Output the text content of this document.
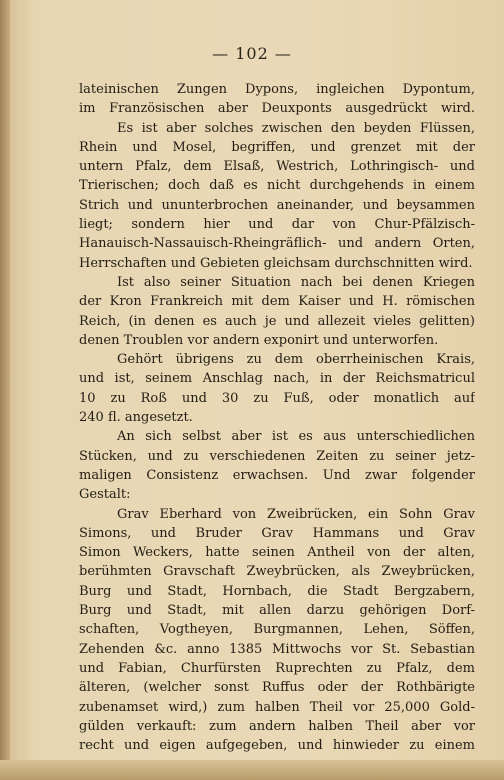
— 102 —
lateinischen Zungen Dypons, ingleichen Dypontum,
im Französischen aber Deuxponts ausgedrückt wird.
Es ist aber solches zwischen den beyden Flüssen,
Rhein und Mosel, begriffen, und grenzet mit der
untern Pfalz, dem Elsaß, Westrich, Lothringisch- und
Trierischen; doch daß es nicht durchgehends in einem
Strich und ununterbrochen aneinander, und beysammen
liegt; sondern hier und dar von Chur-Pfälzisch-
Hanauisch-Nassauisch-Rheingräflich- und andern Orten,
Herrschaften und Gebieten gleichsam durchschnitten wird.
Ist also seiner Situation nach bei denen Kriegen
der Kron Frankreich mit dem Kaiser und H. römischen
Reich, (in denen es auch je und allezeit vieles gelitten)
denen Troublen vor andern exponirt und unterworfen.
Gehört übrigens zu dem oberrheinischen Krais,
und ist, seinem Anschlag nach, in der Reichsmatricul
10 zu Roß und 30 zu Fuß, oder monatlich auf
240 fl. angesetzt.
An sich selbst aber ist es aus unterschiedlichen
Stücken, und zu verschiedenen Zeiten zu seiner jetz-
maligen Consistenz erwachsen. Und zwar folgender
Gestalt:
Grav Eberhard von Zweibrücken, ein Sohn Grav
Simons, und Bruder Grav Hammans und Grav
Simon Weckers, hatte seinen Antheil von der alten,
berühmten Gravschaft Zweybrücken, als Zweybrücken,
Burg und Stadt, Hornbach, die Stadt Bergzabern,
Burg und Stadt, mit allen darzu gehörigen Dorf-
schaften, Vogtheyen, Burgmannen, Lehen, Söffen,
Zehenden &c. anno 1385 Mittwochs vor St. Sebastian
und Fabian, Churfürsten Ruprechten zu Pfalz, dem
älteren, (welcher sonst Ruffus oder der Rothbärigte
zubenamset wird,) zum halben Theil vor 25,000 Gold-
gülden verkauft: zum andern halben Theil aber vor
recht und eigen aufgegeben, und hinwieder zu einem
